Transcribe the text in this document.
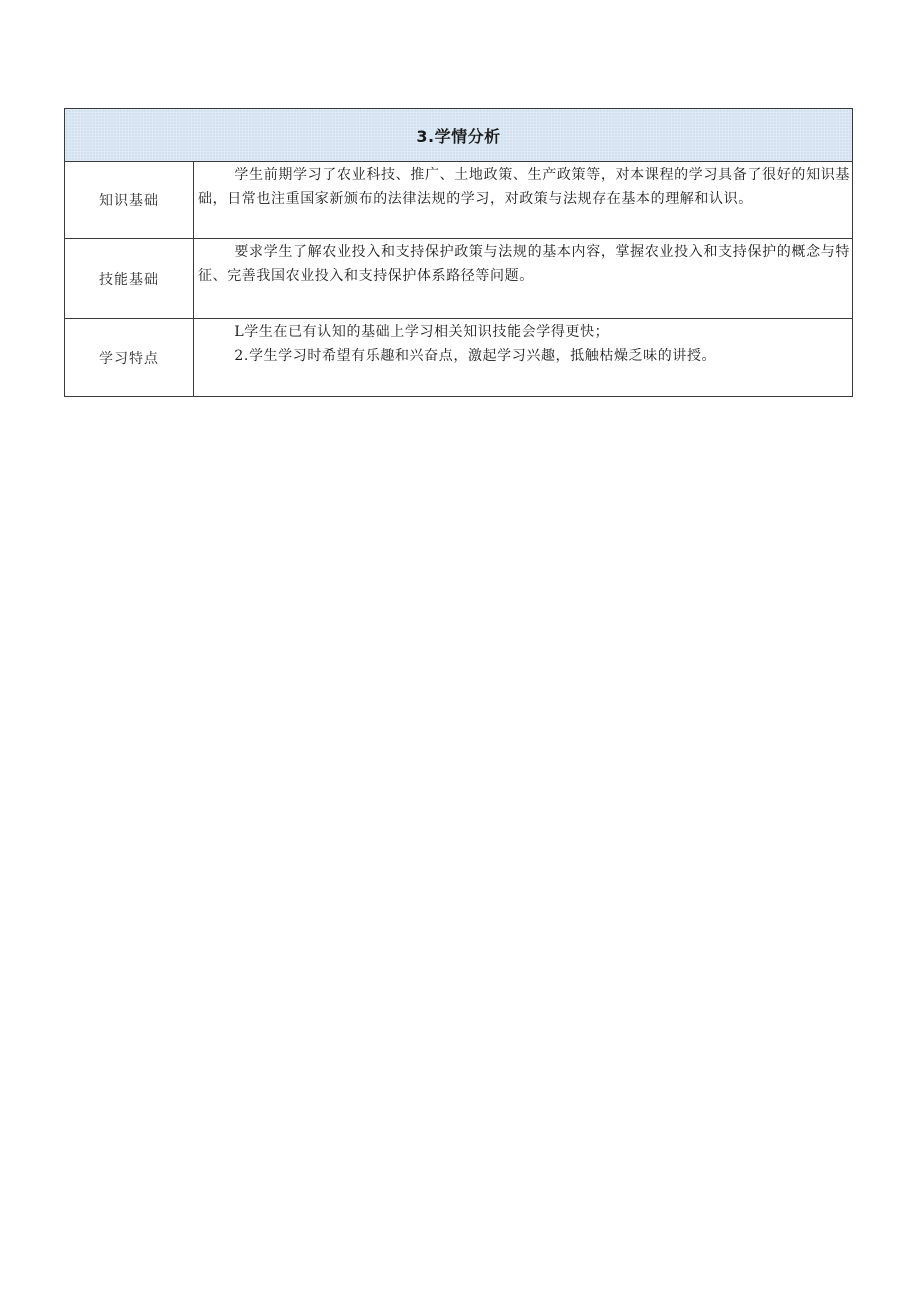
3.学情分析	
知识基础	学生前期学习了农业科技、推广、土地政策、生产政策等，对本课程的学习具备了很好的知识基础，日常也注重国家新颁布的法律法规的学习，对政策与法规存在基本的理解和认识。

技能基础	要求学生了解农业投入和支持保护政策与法规的基本内容，掌握农业投入和支持保护的概念与特征、完善我国农业投入和支持保护体系路径等问题。

学习特点	L学生在已有认知的基础上学习相关知识技能会学得更快；

2.学生学习时希望有乐趣和兴奋点，激起学习兴趣，抵触枯燥乏味的讲授。
